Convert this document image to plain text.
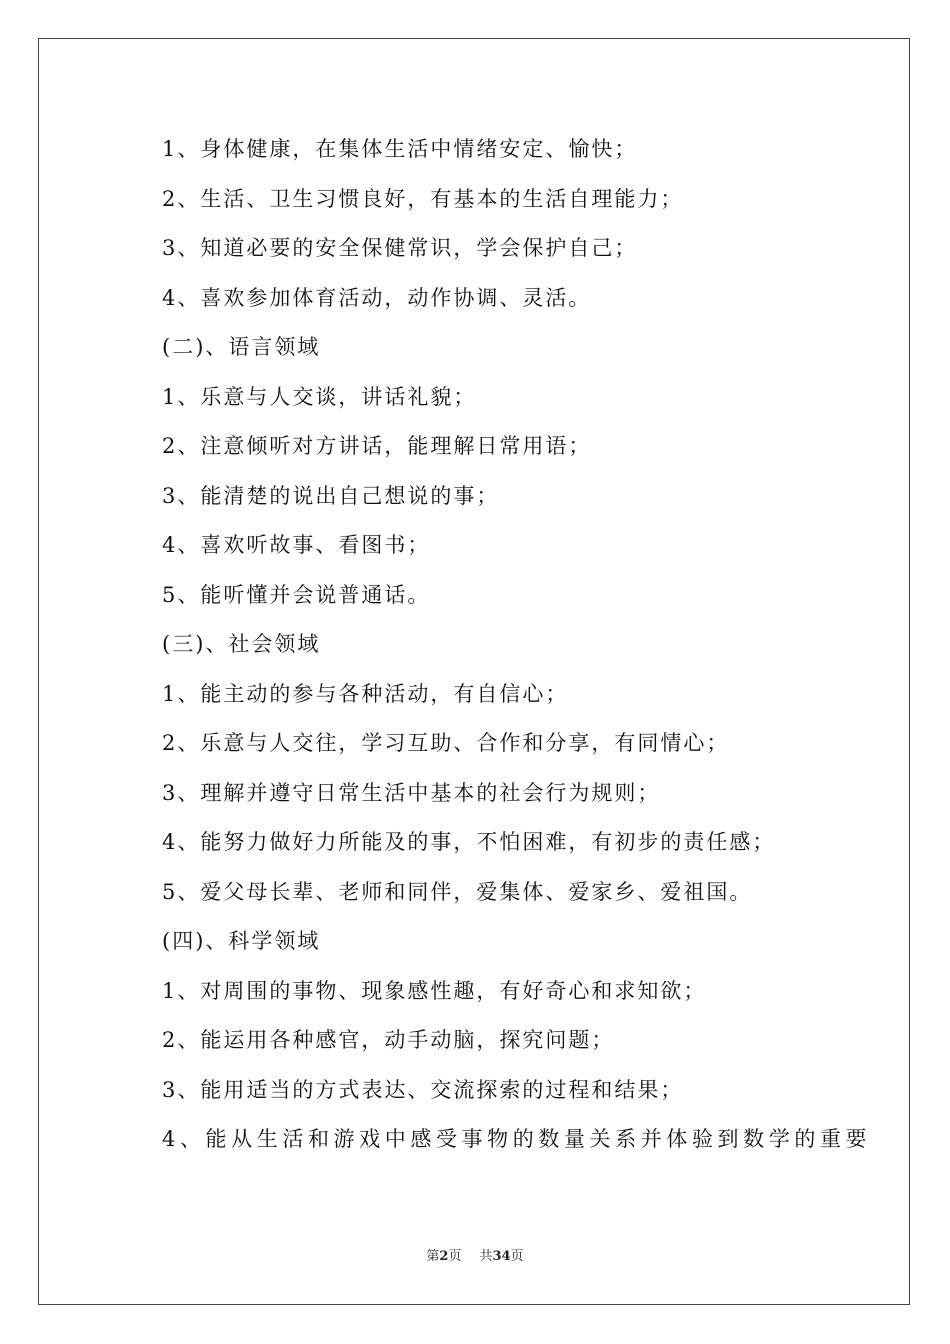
1、身体健康，在集体生活中情绪安定、愉快；
2、生活、卫生习惯良好，有基本的生活自理能力；
3、知道必要的安全保健常识，学会保护自己；
4、喜欢参加体育活动，动作协调、灵活。
(二)、语言领域
1、乐意与人交谈，讲话礼貌；
2、注意倾听对方讲话，能理解日常用语；
3、能清楚的说出自己想说的事；
4、喜欢听故事、看图书；
5、能听懂并会说普通话。
(三)、社会领域
1、能主动的参与各种活动，有自信心；
2、乐意与人交往，学习互助、合作和分享，有同情心；
3、理解并遵守日常生活中基本的社会行为规则；
4、能努力做好力所能及的事，不怕困难，有初步的责任感；
5、爱父母长辈、老师和同伴，爱集体、爱家乡、爱祖国。
(四)、科学领域
1、对周围的事物、现象感性趣，有好奇心和求知欲；
2、能运用各种感官，动手动脑，探究问题；
3、能用适当的方式表达、交流探索的过程和结果；
4、能从生活和游戏中感受事物的数量关系并体验到数学的重要
第2页 共34页
